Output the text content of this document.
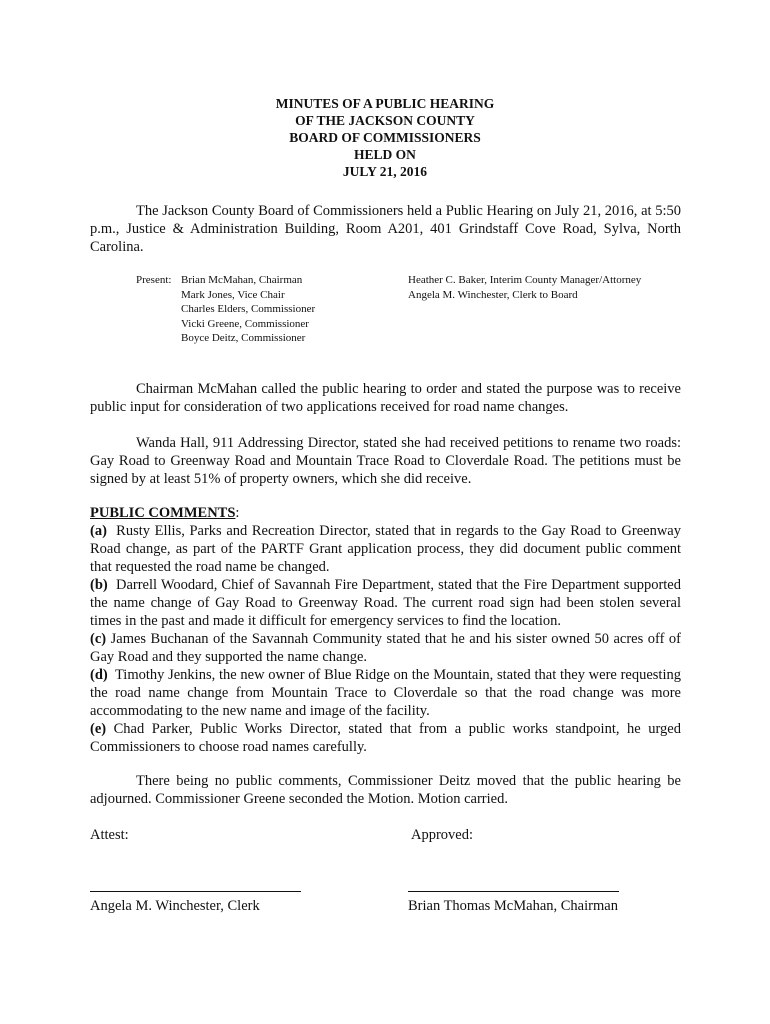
MINUTES OF A PUBLIC HEARING
OF THE JACKSON COUNTY
BOARD OF COMMISSIONERS
HELD ON
JULY 21, 2016

The Jackson County Board of Commissioners held a Public Hearing on July 21, 2016, at 5:50 p.m., Justice & Administration Building, Room A201, 401 Grindstaff Cove Road, Sylva, North Carolina.

Present: Brian McMahan, Chairman
Mark Jones, Vice Chair
Charles Elders, Commissioner
Vicki Greene, Commissioner
Boyce Deitz, Commissioner
Heather C. Baker, Interim County Manager/Attorney
Angela M. Winchester, Clerk to Board

Chairman McMahan called the public hearing to order and stated the purpose was to receive public input for consideration of two applications received for road name changes.

Wanda Hall, 911 Addressing Director, stated she had received petitions to rename two roads: Gay Road to Greenway Road and Mountain Trace Road to Cloverdale Road. The petitions must be signed by at least 51% of property owners, which she did receive.

PUBLIC COMMENTS:

(a) Rusty Ellis, Parks and Recreation Director, stated that in regards to the Gay Road to Greenway Road change, as part of the PARTF Grant application process, they did document public comment that requested the road name be changed.

(b) Darrell Woodard, Chief of Savannah Fire Department, stated that the Fire Department supported the name change of Gay Road to Greenway Road. The current road sign had been stolen several times in the past and made it difficult for emergency services to find the location.

(c) James Buchanan of the Savannah Community stated that he and his sister owned 50 acres off of Gay Road and they supported the name change.

(d) Timothy Jenkins, the new owner of Blue Ridge on the Mountain, stated that they were requesting the road name change from Mountain Trace to Cloverdale so that the road change was more accommodating to the new name and image of the facility.

(e) Chad Parker, Public Works Director, stated that from a public works standpoint, he urged Commissioners to choose road names carefully.

There being no public comments, Commissioner Deitz moved that the public hearing be adjourned. Commissioner Greene seconded the Motion. Motion carried.

Attest:	Approved:
Angela M. Winchester, Clerk	Brian Thomas McMahan, Chairman
